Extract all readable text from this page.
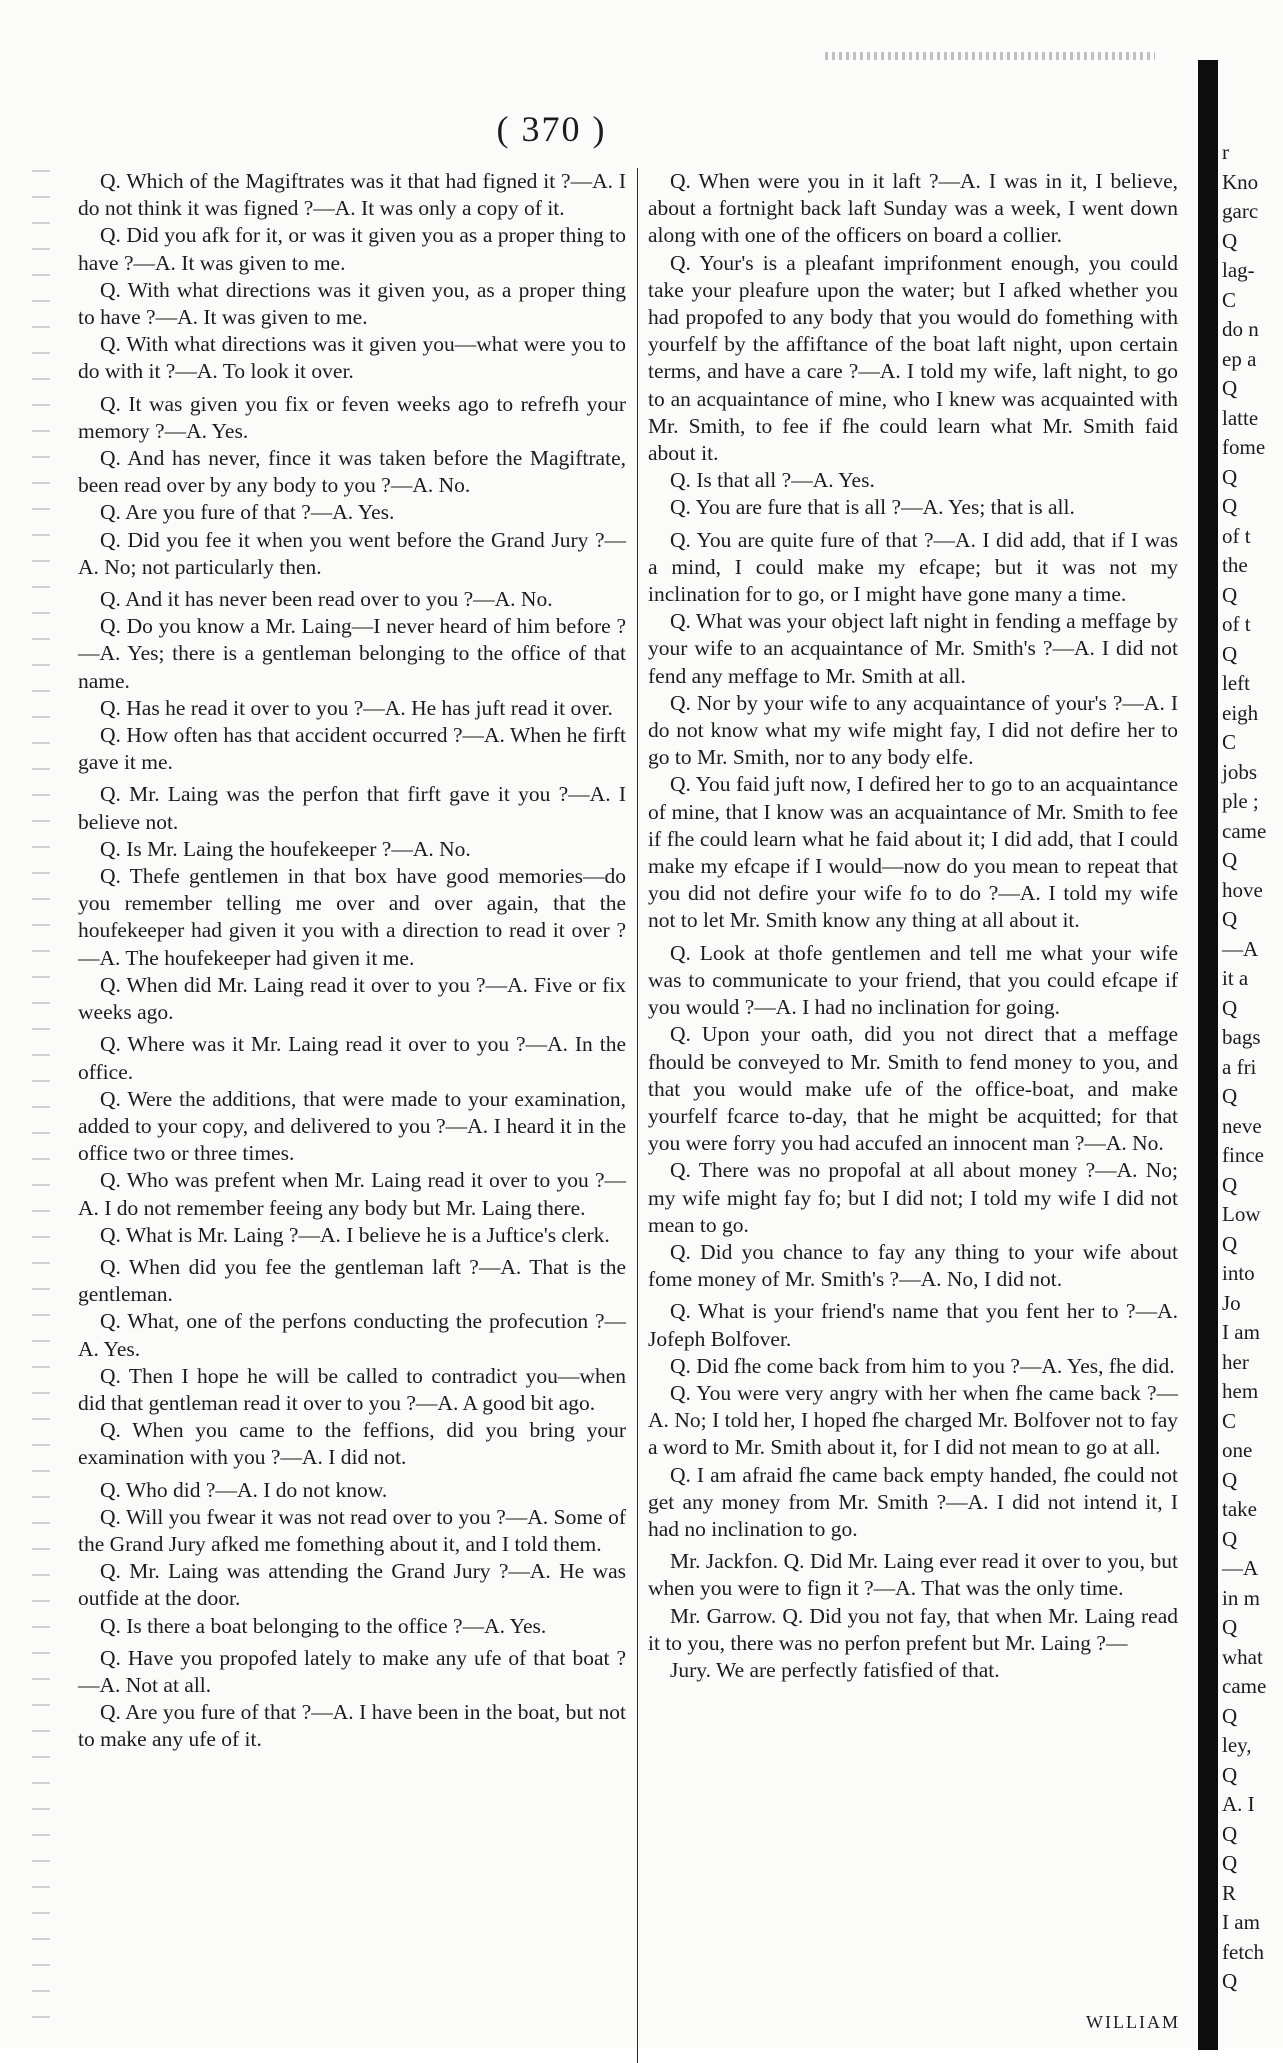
( 370 )

Q. Which of the Magiftrates was it that had figned it ?—A. I do not think it was figned ?—A. It was only a copy of it.

Q. Did you afk for it, or was it given you as a proper thing to have ?—A. It was given to me.

Q. With what directions was it given you, as a proper thing to have ?—A. It was given to me.

Q. With what directions was it given you—what were you to do with it ?—A. To look it over.

Q. It was given you fix or feven weeks ago to refrefh your memory ?—A. Yes.

Q. And has never, fince it was taken before the Magiftrate, been read over by any body to you ?—A. No.

Q. Are you fure of that ?—A. Yes.

Q. Did you fee it when you went before the Grand Jury ?—A. No; not particularly then.

Q. And it has never been read over to you ?—A. No.

Q. Do you know a Mr. Laing—I never heard of him before ?—A. Yes; there is a gentleman belonging to the office of that name.

Q. Has he read it over to you ?—A. He has juft read it over.

Q. How often has that accident occurred ?—A. When he firft gave it me.

Q. Mr. Laing was the perfon that firft gave it you ?—A. I believe not.

Q. Is Mr. Laing the houfekeeper ?—A. No.

Q. Thefe gentlemen in that box have good memories—do you remember telling me over and over again, that the houfekeeper had given it you with a direction to read it over ?—A. The houfekeeper had given it me.

Q. When did Mr. Laing read it over to you ?—A. Five or fix weeks ago.

Q. Where was it Mr. Laing read it over to you ?—A. In the office.

Q. Were the additions, that were made to your examination, added to your copy, and delivered to you ?—A. I heard it in the office two or three times.

Q. Who was prefent when Mr. Laing read it over to you ?—A. I do not remember feeing any body but Mr. Laing there.

Q. What is Mr. Laing ?—A. I believe he is a Juftice's clerk.

Q. When did you fee the gentleman laft ?—A. That is the gentleman.

Q. What, one of the perfons conducting the profecution ?—A. Yes.

Q. Then I hope he will be called to contradict you—when did that gentleman read it over to you ?—A. A good bit ago.

Q. When you came to the feffions, did you bring your examination with you ?—A. I did not.

Q. Who did ?—A. I do not know.

Q. Will you fwear it was not read over to you ?—A. Some of the Grand Jury afked me fomething about it, and I told them.

Q. Mr. Laing was attending the Grand Jury ?—A. He was outfide at the door.

Q. Is there a boat belonging to the office ?—A. Yes.

Q. Have you propofed lately to make any ufe of that boat ?—A. Not at all.

Q. Are you fure of that ?—A. I have been in the boat, but not to make any ufe of it.

Q. When were you in it laft ?—A. I was in it, I believe, about a fortnight back laft Sunday was a week, I went down along with one of the officers on board a collier.

Q. Your's is a pleafant imprifonment enough, you could take your pleafure upon the water; but I afked whether you had propofed to any body that you would do fomething with yourfelf by the affiftance of the boat laft night, upon certain terms, and have a care ?—A. I told my wife, laft night, to go to an acquaintance of mine, who I knew was acquainted with Mr. Smith, to fee if fhe could learn what Mr. Smith faid about it.

Q. Is that all ?—A. Yes.

Q. You are fure that is all ?—A. Yes; that is all.

Q. You are quite fure of that ?—A. I did add, that if I was a mind, I could make my efcape; but it was not my inclination for to go, or I might have gone many a time.

Q. What was your object laft night in fending a meffage by your wife to an acquaintance of Mr. Smith's ?—A. I did not fend any meffage to Mr. Smith at all.

Q. Nor by your wife to any acquaintance of your's ?—A. I do not know what my wife might fay, I did not defire her to go to Mr. Smith, nor to any body elfe.

Q. You faid juft now, I defired her to go to an acquaintance of mine, that I know was an acquaintance of Mr. Smith to fee if fhe could learn what he faid about it; I did add, that I could make my efcape if I would—now do you mean to repeat that you did not defire your wife fo to do ?—A. I told my wife not to let Mr. Smith know any thing at all about it.

Q. Look at thofe gentlemen and tell me what your wife was to communicate to your friend, that you could efcape if you would ?—A. I had no inclination for going.

Q. Upon your oath, did you not direct that a meffage fhould be conveyed to Mr. Smith to fend money to you, and that you would make ufe of the office-boat, and make yourfelf fcarce to-day, that he might be acquitted; for that you were forry you had accufed an innocent man ?—A. No.

Q. There was no propofal at all about money ?—A. No; my wife might fay fo; but I did not; I told my wife I did not mean to go.

Q. Did you chance to fay any thing to your wife about fome money of Mr. Smith's ?—A. No, I did not.

Q. What is your friend's name that you fent her to ?—A. Jofeph Bolfover.

Q. Did fhe come back from him to you ?—A. Yes, fhe did.

Q. You were very angry with her when fhe came back ?—A. No; I told her, I hoped fhe charged Mr. Bolfover not to fay a word to Mr. Smith about it, for I did not mean to go at all.

Q. I am afraid fhe came back empty handed, fhe could not get any money from Mr. Smith ?—A. I did not intend it, I had no inclination to go.

Mr. Jackfon. Q. Did Mr. Laing ever read it over to you, but when you were to fign it ?—A. That was the only time.

Mr. Garrow. Q. Did you not fay, that when Mr. Laing read it to you, there was no perfon prefent but Mr. Laing ?—

Jury. We are perfectly fatisfied of that.

r
Kno
garc
Q
lag-
C
do n
ep a
Q
latte
fome
Q
Q
of t
the
Q
of t
Q
left
eigh
C
jobs
ple ;
came
Q
hove
Q
—A
it a
Q
bags
a fri
Q
neve
fince
Q
Low
Q
into
Jo
I am
her
hem
C
one
Q
take
Q
—A
in m
Q
what
came
Q
ley,
Q
A. I
Q
Q
R
I am
fetch
Q
WILLIAM
